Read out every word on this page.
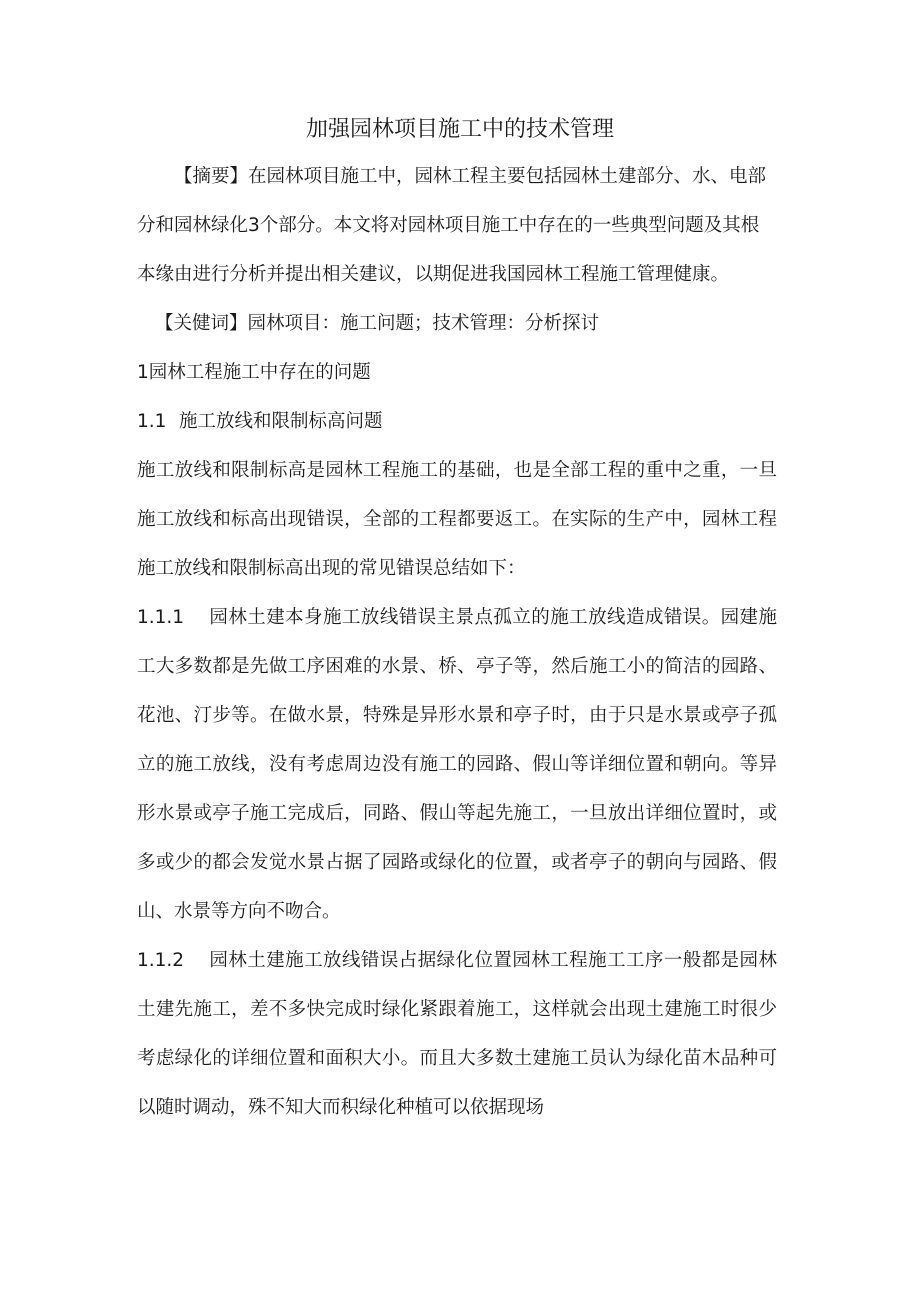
加强园林项目施工中的技术管理

【摘要】在园林项目施工中，园林工程主要包括园林土建部分、水、电部分和园林绿化3个部分。本文将对园林项目施工中存在的一些典型问题及其根本缘由进行分析并提出相关建议，以期促进我国园林工程施工管理健康。

【关健词】园林项目：施工问题；技术管理：分析探讨

1园林工程施工中存在的问题

1.1 施工放线和限制标高问题

施工放线和限制标高是园林工程施工的基础，也是全部工程的重中之重，一旦施工放线和标高出现错误，全部的工程都要返工。在实际的生产中，园林工程施工放线和限制标高出现的常见错误总结如下：

1.1.1 园林土建本身施工放线错误主景点孤立的施工放线造成错误。园建施工大多数都是先做工序困难的水景、桥、亭子等，然后施工小的简洁的园路、花池、汀步等。在做水景，特殊是异形水景和亭子时，由于只是水景或亭子孤立的施工放线，没有考虑周边没有施工的园路、假山等详细位置和朝向。等异形水景或亭子施工完成后，同路、假山等起先施工，一旦放出详细位置时，或多或少的都会发觉水景占据了园路或绿化的位置，或者亭子的朝向与园路、假山、水景等方向不吻合。

1.1.2 园林土建施工放线错误占据绿化位置园林工程施工工序一般都是园林土建先施工，差不多快完成时绿化紧跟着施工，这样就会出现土建施工时很少考虑绿化的详细位置和面积大小。而且大多数土建施工员认为绿化苗木品种可以随时调动，殊不知大而积绿化种植可以依据现场
